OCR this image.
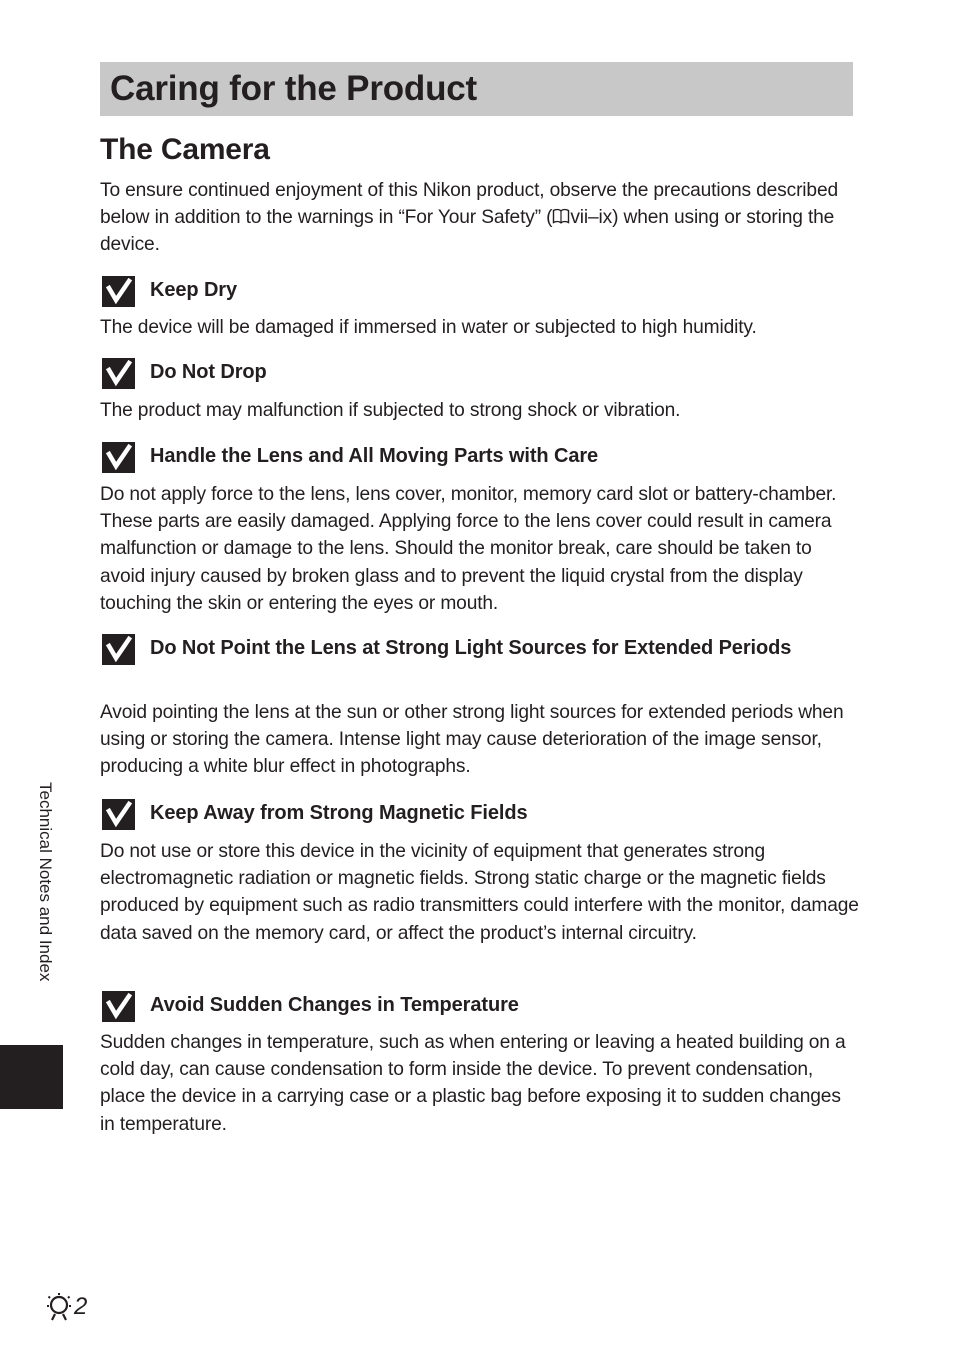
Caring for the Product
The Camera

To ensure continued enjoyment of this Nikon product, observe the precautions described below in addition to the warnings in “For Your Safety” ( vii–ix) when using or storing the device.

Keep Dry

The device will be damaged if immersed in water or subjected to high humidity.

Do Not Drop

The product may malfunction if subjected to strong shock or vibration.

Handle the Lens and All Moving Parts with Care

Do not apply force to the lens, lens cover, monitor, memory card slot or battery-chamber. These parts are easily damaged. Applying force to the lens cover could result in camera malfunction or damage to the lens. Should the monitor break, care should be taken to avoid injury caused by broken glass and to prevent the liquid crystal from the display touching the skin or entering the eyes or mouth.

Do Not Point the Lens at Strong Light Sources for Extended Periods

Avoid pointing the lens at the sun or other strong light sources for extended periods when using or storing the camera. Intense light may cause deterioration of the image sensor, producing a white blur effect in photographs.

Keep Away from Strong Magnetic Fields

Do not use or store this device in the vicinity of equipment that generates strong electromagnetic radiation or magnetic fields. Strong static charge or the magnetic fields produced by equipment such as radio transmitters could interfere with the monitor, damage data saved on the memory card, or affect the product’s internal circuitry.

Avoid Sudden Changes in Temperature

Sudden changes in temperature, such as when entering or leaving a heated building on a cold day, can cause condensation to form inside the device. To prevent condensation, place the device in a carrying case or a plastic bag before exposing it to sudden changes in temperature.

Technical Notes and Index
2
